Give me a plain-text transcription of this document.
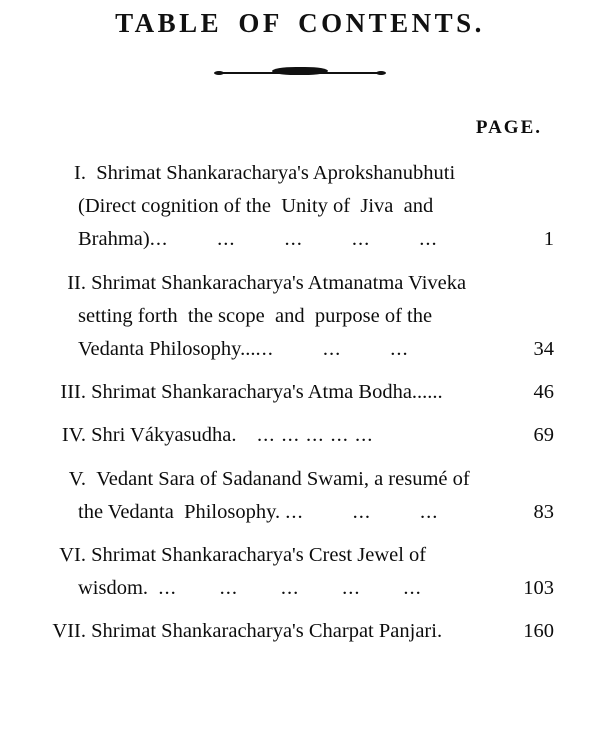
TABLE OF CONTENTS.
PAGE.
I. Shrimat Shankaracharya's Aprokshanubhuti
(Direct cognition of the  Unity of  Jiva  and
Brahma)	1
...        ...        ...        ...        ...
II. Shrimat Shankaracharya's Atmanatma Viveka
setting forth  the scope  and  purpose of the
Vedanta Philosophy...	34
...        ...        ...
III. Shrimat Shankaracharya's Atma Bodha......	46
IV. Shri Vákyasudha.	69
... ... ... ... ...
V. Vedant Sara of Sadanand Swami, a resumé of
the Vedanta  Philosophy.	83
...        ...        ...
VI. Shrimat Shankaracharya's Crest Jewel of
wisdom.	103
...       ...       ...       ...       ...
VII. Shrimat Shankaracharya's Charpat Panjari.	160
